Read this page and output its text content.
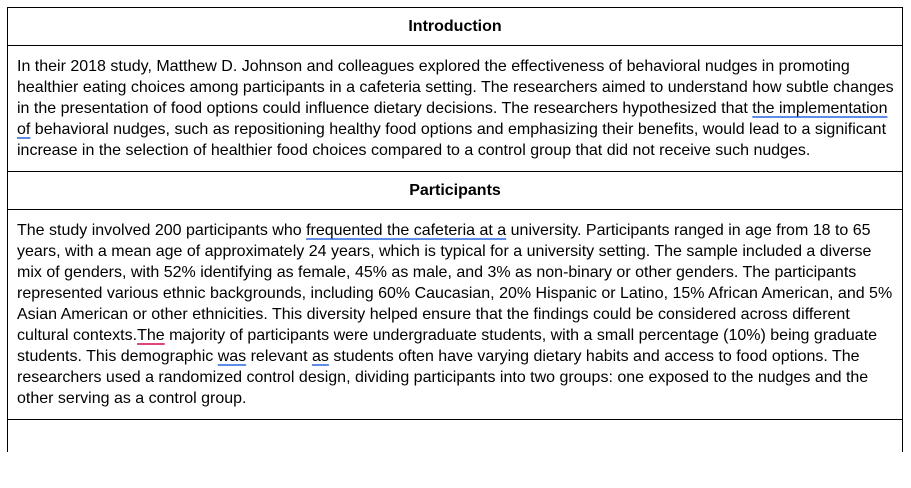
Introduction
In their 2018 study, Matthew D. Johnson and colleagues explored the effectiveness of behavioral nudges in promoting healthier eating choices among participants in a cafeteria setting. The researchers aimed to understand how subtle changes in the presentation of food options could influence dietary decisions. The researchers hypothesized that the implementation of behavioral nudges, such as repositioning healthy food options and emphasizing their benefits, would lead to a significant increase in the selection of healthier food choices compared to a control group that did not receive such nudges.
Participants
The study involved 200 participants who frequented the cafeteria at a university. Participants ranged in age from 18 to 65 years, with a mean age of approximately 24 years, which is typical for a university setting. The sample included a diverse mix of genders, with 52% identifying as female, 45% as male, and 3% as non-binary or other genders. The participants represented various ethnic backgrounds, including 60% Caucasian, 20% Hispanic or Latino, 15% African American, and 5% Asian American or other ethnicities. This diversity helped ensure that the findings could be considered across different cultural contexts.The majority of participants were undergraduate students, with a small percentage (10%) being graduate students. This demographic was relevant as students often have varying dietary habits and access to food options. The researchers used a randomized control design, dividing participants into two groups: one exposed to the nudges and the other serving as a control group.
